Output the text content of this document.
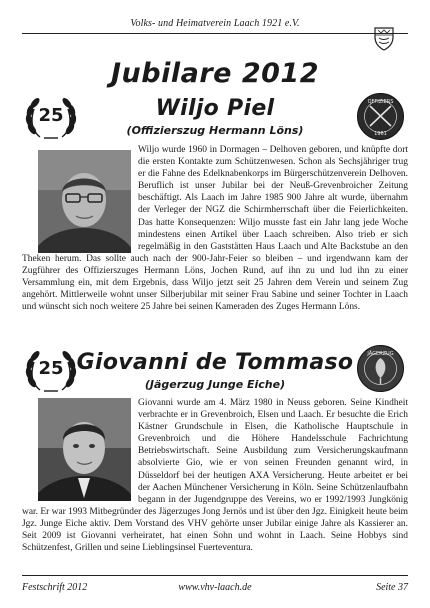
Volks- und Heimatverein Laach 1921 e.V.
Jubilare 2012
25	Wiljo Piel
(Offizierszug Hermann Löns)
OFFIZIERS
1961

Wiljo wurde 1960 in Dormagen – Delhoven geboren, und knüpfte dort die ersten Kontakte zum Schützenwesen. Schon als Sechsjähriger trug er die Fahne des Edelknabenkorps im Bürgerschützenverein Delhoven. Beruflich ist unser Jubilar bei der Neuß-Grevenbroicher Zeitung beschäftigt. Als Laach im Jahre 1985 900 Jahre alt wurde, übernahm der Verleger der NGZ die Schirmherrschaft über die Feierlichkeiten. Das hatte Konsequenzen: Wiljo musste fast ein Jahr lang jede Woche mindestens einen Artikel über Laach schreiben. Also trieb er sich regelmäßig in den Gaststätten Haus Laach und Alte Backstube an den Theken herum. Das sollte auch nach der 900-Jahr-Feier so bleiben – und irgendwann kam der Zugführer des Offizierszuges Hermann Löns, Jochen Rund, auf ihn zu und lud ihn zu einer Versammlung ein, mit dem Ergebnis, dass Wiljo jetzt seit 25 Jahren dem Verein und seinem Zug angehört. Mittlerweile wohnt unser Silberjubilar mit seiner Frau Sabine und seiner Tochter in Laach und wünscht sich noch weitere 25 Jahre bei seinen Kameraden des Zuges Hermann Löns.

25 Giovanni de Tommaso
(Jägerzug Junge Eiche)
JÄGERZUG

Giovanni wurde am 4. März 1980 in Neuss geboren. Seine Kindheit verbrachte er in Grevenbroich, Elsen und Laach. Er besuchte die Erich Kästner Grundschule in Elsen, die Katholische Hauptschule in Grevenbroich und die Höhere Handelsschule Fachrichtung Betriebswirtschaft. Seine Ausbildung zum Versicherungskaufmann absolvierte Gio, wie er von seinen Freunden genannt wird, in Düsseldorf bei der heutigen AXA Versicherung. Heute arbeitet er bei der Aachen Münchener Versicherung in Köln. Seine Schützenlaufbahn begann in der Jugendgruppe des Vereins, wo er 1992/1993 Jungkönig war. Er war 1993 Mitbegründer des Jägerzuges Jong Jernös und ist über den Jgz. Einigkeit heute beim Jgz. Junge Eiche aktiv. Dem Vorstand des VHV gehörte unser Jubilar einige Jahre als Kassierer an. Seit 2009 ist Giovanni verheiratet, hat einen Sohn und wohnt in Laach. Seine Hobbys sind Schützenfest, Grillen und seine Lieblingsinsel Fuerteventura.

Festschrift 2012	www.vhv-laach.de	Seite 37
